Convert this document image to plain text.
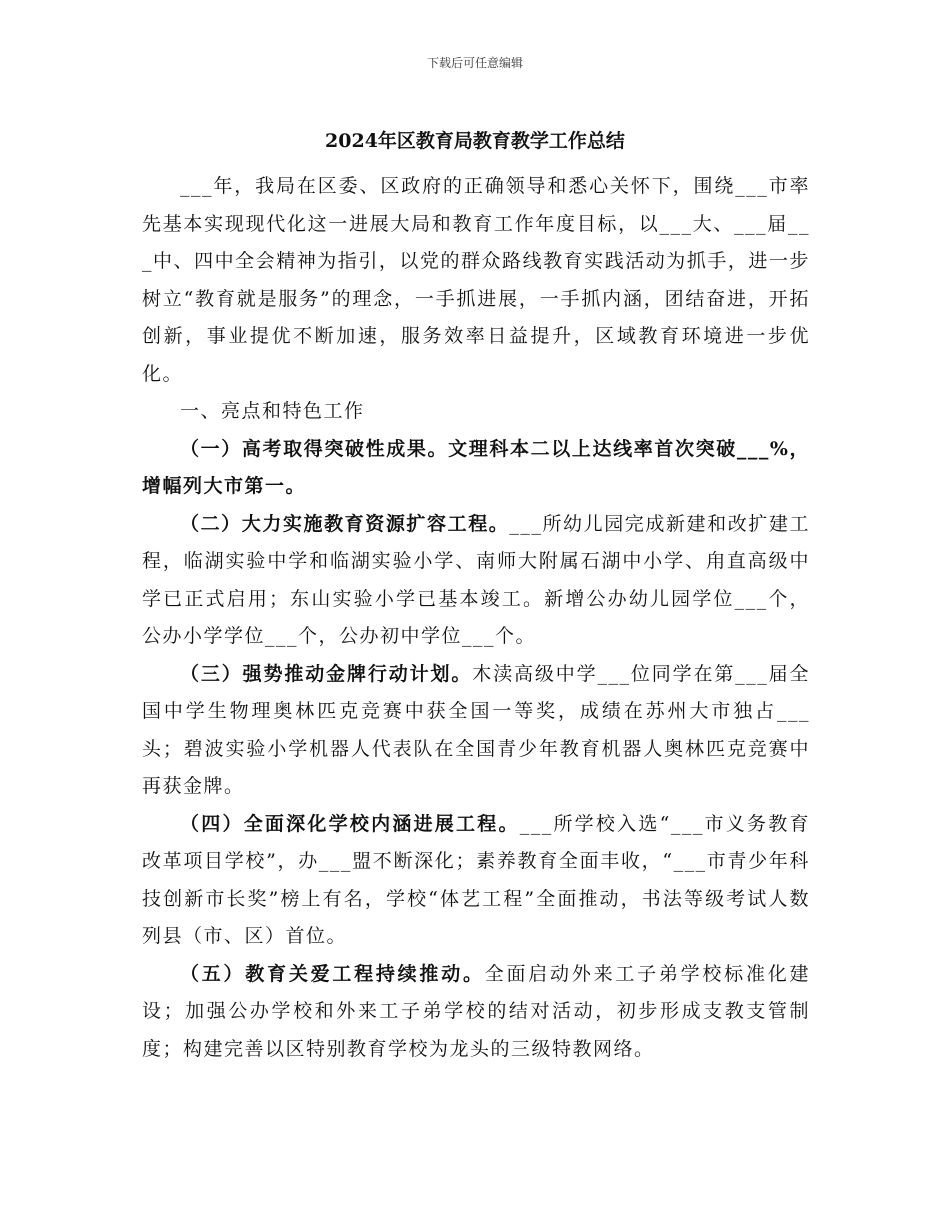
下载后可任意编辑
2024年区教育局教育教学工作总结

___年，我局在区委、区政府的正确领导和悉心关怀下，围绕___市率先基本实现现代化这一进展大局和教育工作年度目标，以___大、___届___中、四中全会精神为指引，以党的群众路线教育实践活动为抓手，进一步树立“教育就是服务”的理念，一手抓进展，一手抓内涵，团结奋进，开拓创新，事业提优不断加速，服务效率日益提升，区域教育环境进一步优化。

一、亮点和特色工作

（一）高考取得突破性成果。文理科本二以上达线率首次突破___%，增幅列大市第一。

（二）大力实施教育资源扩容工程。___所幼儿园完成新建和改扩建工程，临湖实验中学和临湖实验小学、南师大附属石湖中小学、甪直高级中学已正式启用；东山实验小学已基本竣工。新增公办幼儿园学位___个，公办小学学位___个，公办初中学位___个。

（三）强势推动金牌行动计划。木渎高级中学___位同学在第___届全国中学生物理奥林匹克竞赛中获全国一等奖，成绩在苏州大市独占___头；碧波实验小学机器人代表队在全国青少年教育机器人奥林匹克竞赛中再获金牌。

（四）全面深化学校内涵进展工程。___所学校入选“___市义务教育改革项目学校”，办___盟不断深化；素养教育全面丰收，“___市青少年科技创新市长奖”榜上有名，学校“体艺工程”全面推动，书法等级考试人数列县（市、区）首位。

（五）教育关爱工程持续推动。全面启动外来工子弟学校标准化建设；加强公办学校和外来工子弟学校的结对活动，初步形成支教支管制度；构建完善以区特别教育学校为龙头的三级特教网络。
